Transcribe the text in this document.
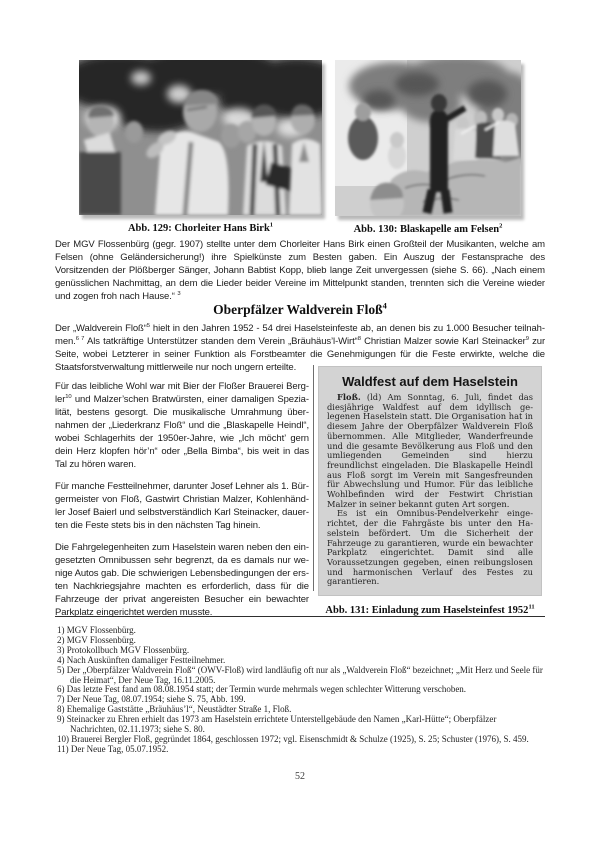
Abb. 129: Chorleiter Hans Birk$^1$	Abb. 130: Blaskapelle am Felsen$^2$

Der MGV Flossenbürg (gegr. 1907) stellte unter dem Chorleiter Hans Birk einen Großteil der Musikanten, welche am Felsen (ohne Geländersicherung!) ihre Spielkünste zum Besten gaben. Ein Auszug der Festansprache des Vorsitzenden der Plößberger Sänger, Johann Babtist Kopp, blieb lange Zeit unvergessen (siehe S. 66). „Nach einem genüsslichen Nachmittag, an dem die Lieder beider Vereine im Mittelpunkt standen, trennten sich die Vereine wieder und zogen froh nach Hause.“ $^3$

Oberpfälzer Waldverein Floß$^4$

Der „Waldverein Floß“$^5$ hielt in den Jahren 1952 - 54 drei Haselsteinfeste ab, an denen bis zu 1.000 Besucher teilnahmen.$^{6 7}$ Als tatkräftige Unterstützer standen dem Verein „Bräuhäus’l-Wirt“$^8$ Christian Malzer sowie Karl Steinacker$^9$ zur Seite, wobei Letzterer in seiner Funktion als Forstbeamter die Genehmigungen für die Feste erwirkte, welche die Staatsforstverwaltung mittlerweile nur noch ungern erteilte.

Für das leibliche Wohl war mit Bier der Floßer Brauerei Bergler$^{10}$ und Malzer’schen Bratwürsten, einer damaligen Spezialität, bestens gesorgt. Die musikalische Umrahmung übernahmen der „Liederkranz Floß“ und die „Blaskapelle Heindl“, wobei Schlagerhits der 1950er-Jahre, wie „Ich möcht’ gern dein Herz klopfen hör’n“ oder „Bella Bimba“, bis weit in das Tal zu hören waren.

Für manche Festteilnehmer, darunter Josef Lehner als 1. Bürgermeister von Floß, Gastwirt Christian Malzer, Kohlenhändler Josef Baierl und selbstverständlich Karl Steinacker, dauerten die Feste stets bis in den nächsten Tag hinein.

Die Fahrgelegenheiten zum Haselstein waren neben den eingesetzten Omnibussen sehr begrenzt, da es damals nur wenige Autos gab. Die schwierigen Lebensbedingungen der ersten Nachkriegsjahre machten es erforderlich, dass für die Fahrzeuge der privat angereisten Besucher ein bewachter Parkplatz eingerichtet werden musste.

Waldfest auf dem Haselstein

Floß. (ld) Am Sonntag, 6. Juli, findet das diesjährige Waldfest auf dem idyllisch gelegenen Haselstein statt. Die Organisation hat in diesem Jahre der Oberpfälzer Waldverein Floß übernommen. Alle Mitglieder, Wanderfreunde und die gesamte Bevölkerung aus Floß und den umliegenden Gemeinden sind hierzu freundlichst eingeladen. Die Blaskapelle Heindl aus Floß sorgt im Verein mit Sangesfreunden für Abwechslung und Humor. Für das leibliche Wohlbefinden wird der Festwirt Christian Malzer in seiner bekannt guten Art sorgen.

Es ist ein Omnibus-Pendelverkehr eingerichtet, der die Fahrgäste bis unter den Haselstein befördert. Um die Sicherheit der Fahrzeuge zu garantieren, wurde ein bewachter Parkplatz eingerichtet. Damit sind alle Voraussetzungen gegeben, einen reibungslosen und harmonischen Verlauf des Festes zu garantieren.

Abb. 131: Einladung zum Haselsteinfest 1952$^{11}$
1) MGV Flossenbürg.
2) MGV Flossenbürg.
3) Protokollbuch MGV Flossenbürg.
4) Nach Auskünften damaliger Festteilnehmer.
5) Der „Oberpfälzer Waldverein Floß“ (OWV-Floß) wird landläufig oft nur als „Waldverein Floß“ bezeichnet; „Mit Herz und Seele für die Heimat“, Der Neue Tag, 16.11.2005.
6) Das letzte Fest fand am 08.08.1954 statt; der Termin wurde mehrmals wegen schlechter Witterung verschoben.
7) Der Neue Tag, 08.07.1954; siehe S. 75, Abb. 199.
8) Ehemalige Gaststätte „Bräuhäus’l“, Neustädter Straße 1, Floß.
9) Steinacker zu Ehren erhielt das 1973 am Haselstein errichtete Unterstellgebäude den Namen „Karl-Hütte“; Oberpfälzer Nachrichten, 02.11.1973; siehe S. 80.
10) Brauerei Bergler Floß, gegründet 1864, geschlossen 1972; vgl. Eisenschmidt & Schulze (1925), S. 25; Schuster (1976), S. 459.
11) Der Neue Tag, 05.07.1952.
52
